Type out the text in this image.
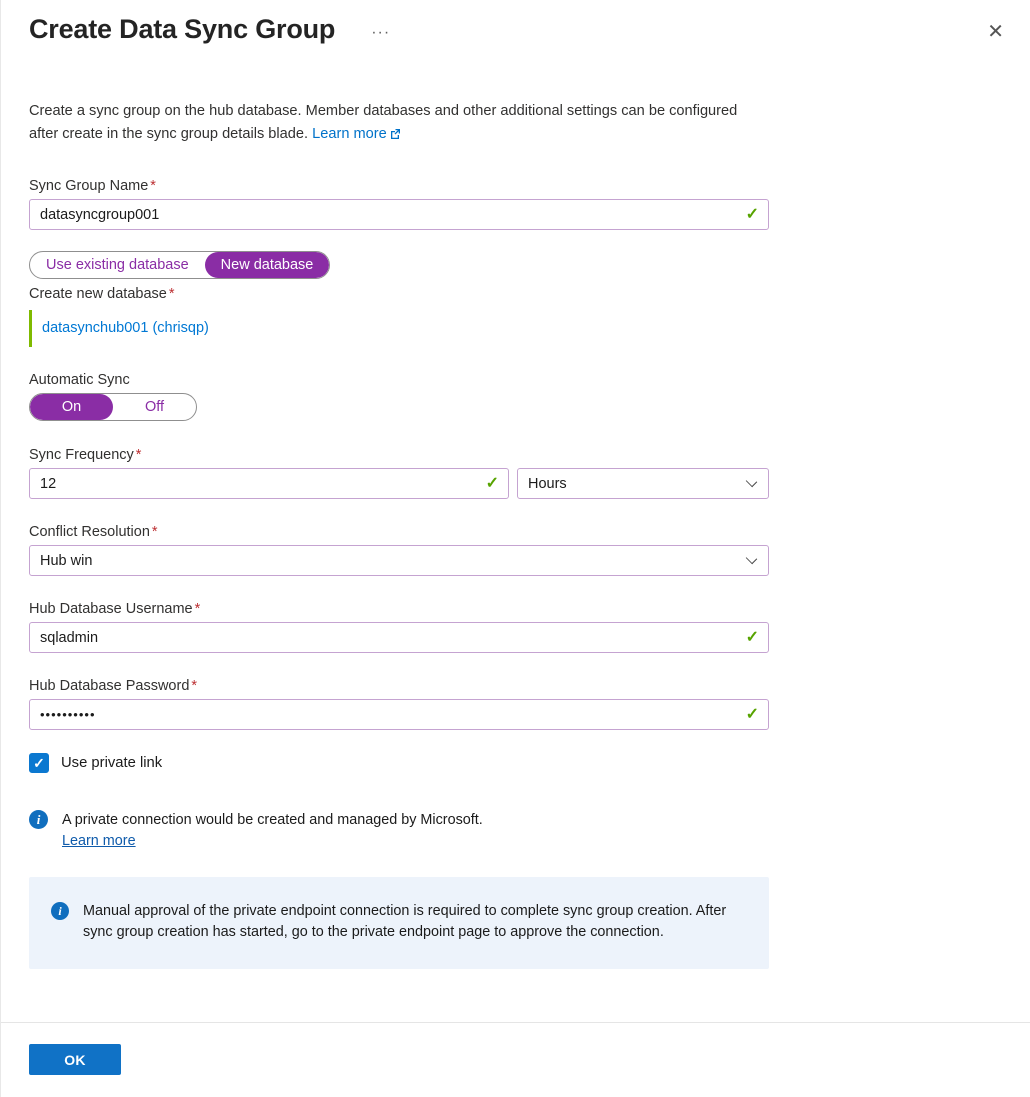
Create Data Sync Group ···	✕
Create a sync group on the hub database. Member databases and other additional settings can be configured after create in the sync group details blade. Learn more
Sync Group Name *
datasyncgroup001
✓
Use existing database	New database
Create new database *
datasynchub001 (chrisqp)
Automatic Sync
On	Off
Sync Frequency *
12
✓	Hours
Conflict Resolution *
Hub win
Hub Database Username *
sqladmin
✓
Hub Database Password *
••••••••••
✓
✓ Use private link
i	A private connection would be created and managed by Microsoft.
Learn more
i	Manual approval of the private endpoint connection is required to complete sync group creation. After sync group creation has started, go to the private endpoint page to approve the connection.
OK
